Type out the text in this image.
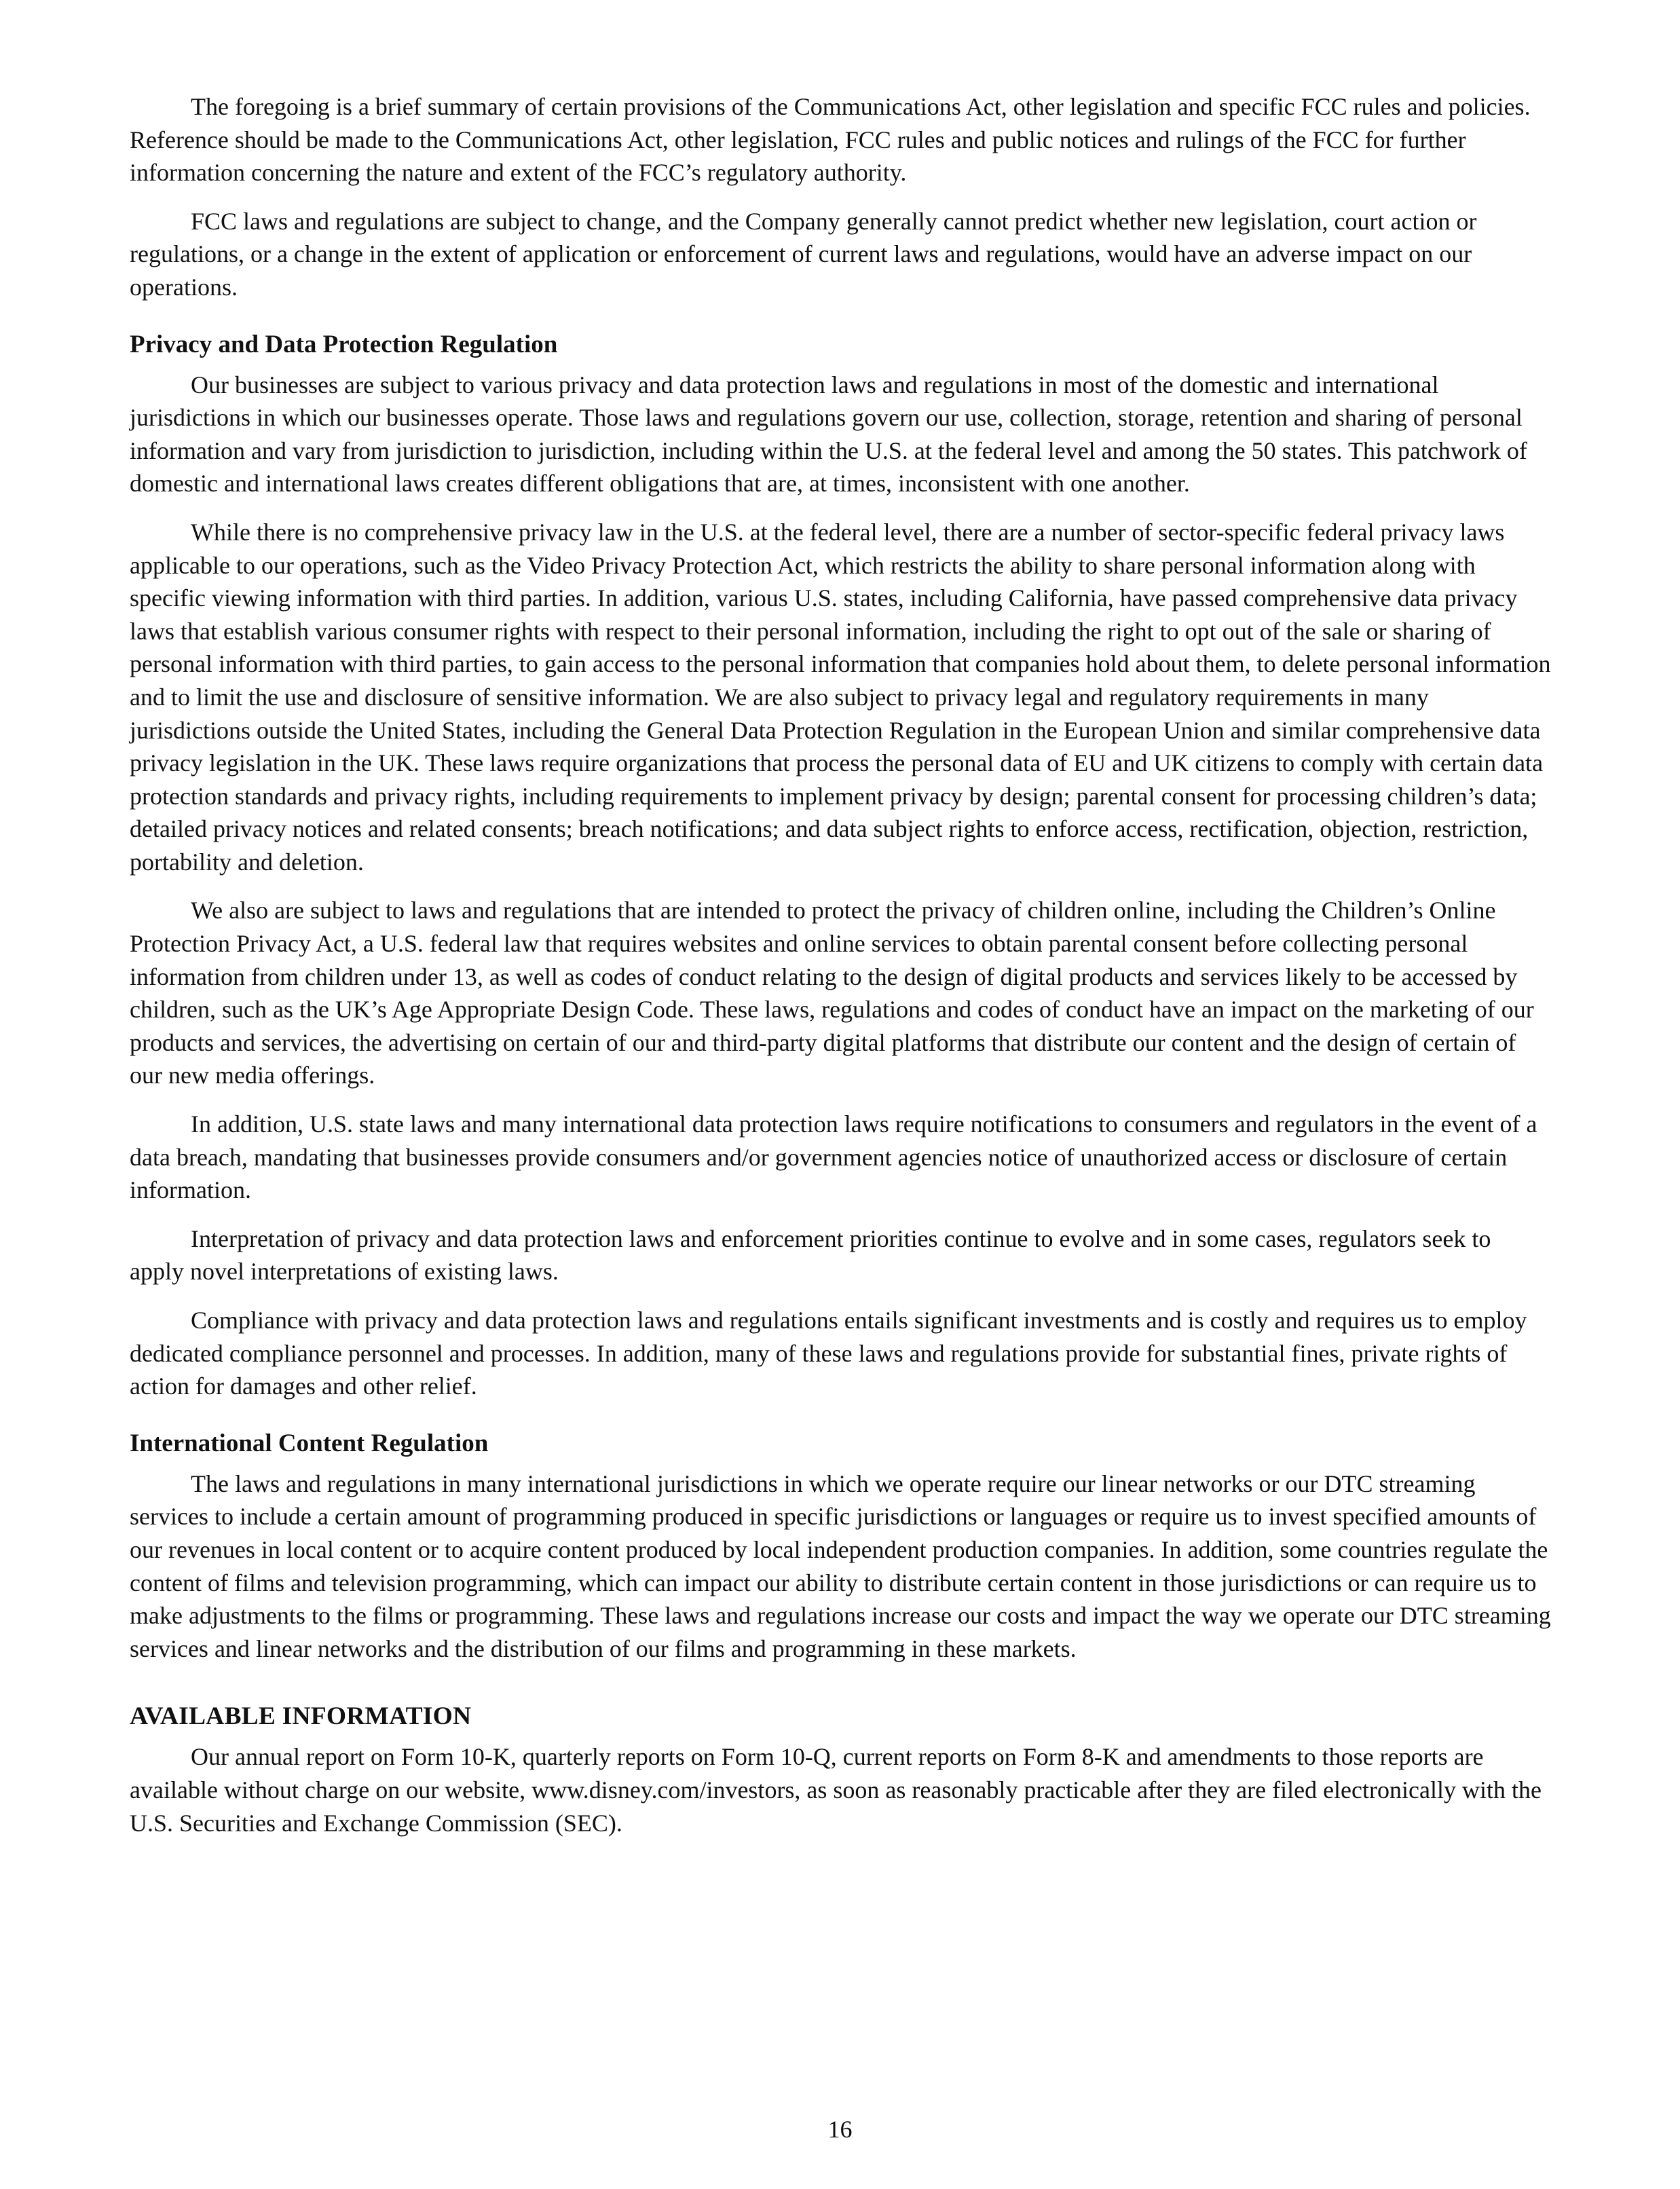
The foregoing is a brief summary of certain provisions of the Communications Act, other legislation and specific FCC rules and policies. Reference should be made to the Communications Act, other legislation, FCC rules and public notices and rulings of the FCC for further information concerning the nature and extent of the FCC’s regulatory authority.

FCC laws and regulations are subject to change, and the Company generally cannot predict whether new legislation, court action or regulations, or a change in the extent of application or enforcement of current laws and regulations, would have an adverse impact on our operations.

Privacy and Data Protection Regulation

Our businesses are subject to various privacy and data protection laws and regulations in most of the domestic and international jurisdictions in which our businesses operate. Those laws and regulations govern our use, collection, storage, retention and sharing of personal information and vary from jurisdiction to jurisdiction, including within the U.S. at the federal level and among the 50 states. This patchwork of domestic and international laws creates different obligations that are, at times, inconsistent with one another.

While there is no comprehensive privacy law in the U.S. at the federal level, there are a number of sector-specific federal privacy laws applicable to our operations, such as the Video Privacy Protection Act, which restricts the ability to share personal information along with specific viewing information with third parties. In addition, various U.S. states, including California, have passed comprehensive data privacy laws that establish various consumer rights with respect to their personal information, including the right to opt out of the sale or sharing of personal information with third parties, to gain access to the personal information that companies hold about them, to delete personal information and to limit the use and disclosure of sensitive information. We are also subject to privacy legal and regulatory requirements in many jurisdictions outside the United States, including the General Data Protection Regulation in the European Union and similar comprehensive data privacy legislation in the UK. These laws require organizations that process the personal data of EU and UK citizens to comply with certain data protection standards and privacy rights, including requirements to implement privacy by design; parental consent for processing children’s data; detailed privacy notices and related consents; breach notifications; and data subject rights to enforce access, rectification, objection, restriction, portability and deletion.

We also are subject to laws and regulations that are intended to protect the privacy of children online, including the Children’s Online Protection Privacy Act, a U.S. federal law that requires websites and online services to obtain parental consent before collecting personal information from children under 13, as well as codes of conduct relating to the design of digital products and services likely to be accessed by children, such as the UK’s Age Appropriate Design Code. These laws, regulations and codes of conduct have an impact on the marketing of our products and services, the advertising on certain of our and third-party digital platforms that distribute our content and the design of certain of our new media offerings.

In addition, U.S. state laws and many international data protection laws require notifications to consumers and regulators in the event of a data breach, mandating that businesses provide consumers and/or government agencies notice of unauthorized access or disclosure of certain information.

Interpretation of privacy and data protection laws and enforcement priorities continue to evolve and in some cases, regulators seek to apply novel interpretations of existing laws.

Compliance with privacy and data protection laws and regulations entails significant investments and is costly and requires us to employ dedicated compliance personnel and processes. In addition, many of these laws and regulations provide for substantial fines, private rights of action for damages and other relief.

International Content Regulation

The laws and regulations in many international jurisdictions in which we operate require our linear networks or our DTC streaming services to include a certain amount of programming produced in specific jurisdictions or languages or require us to invest specified amounts of our revenues in local content or to acquire content produced by local independent production companies. In addition, some countries regulate the content of films and television programming, which can impact our ability to distribute certain content in those jurisdictions or can require us to make adjustments to the films or programming. These laws and regulations increase our costs and impact the way we operate our DTC streaming services and linear networks and the distribution of our films and programming in these markets.

AVAILABLE INFORMATION

Our annual report on Form 10-K, quarterly reports on Form 10-Q, current reports on Form 8-K and amendments to those reports are available without charge on our website, www.disney.com/investors, as soon as reasonably practicable after they are filed electronically with the U.S. Securities and Exchange Commission (SEC).

16
